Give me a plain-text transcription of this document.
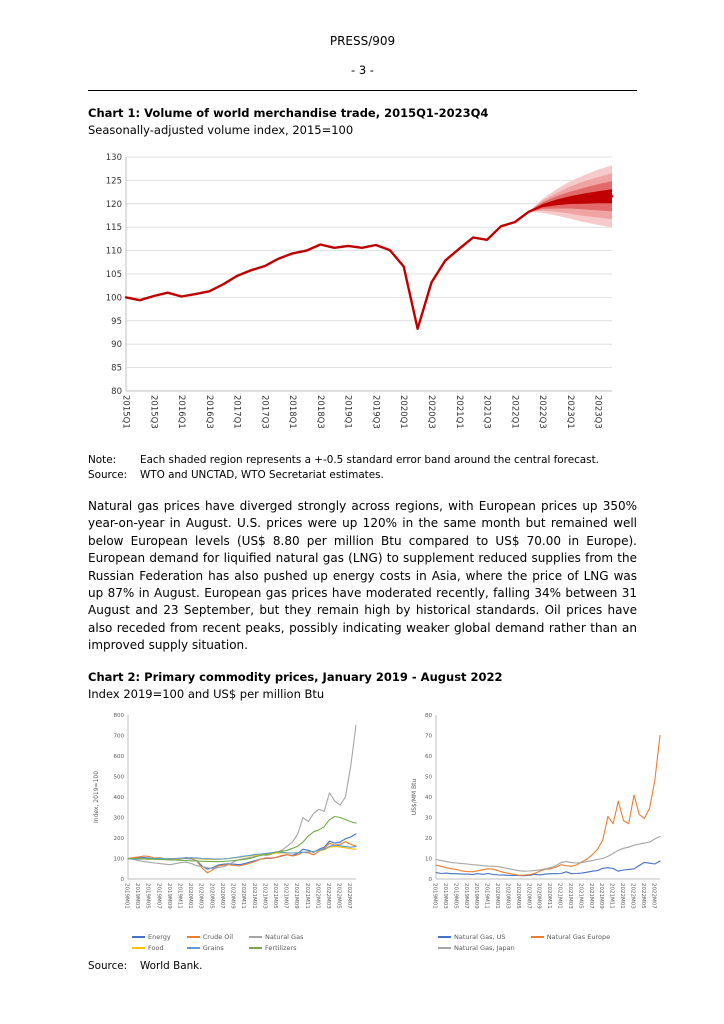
PRESS/909
- 3 -
Chart 1: Volume of world merchandise trade, 2015Q1-2023Q4
Seasonally-adjusted volume index, 2015=100
80
85
90
95
100
105
110
115
120
125
130
2015Q1 2015Q3 2016Q1 2016Q3 2017Q1 2017Q3 2018Q1 2018Q3 2019Q1 2019Q3 2020Q1 2020Q3 2021Q1 2021Q3 2022Q1 2022Q3 2023Q1 2023Q3
Note:	Each shaded region represents a +-0.5 standard error band around the central forecast.
Source:	WTO and UNCTAD, WTO Secretariat estimates.

Natural gas prices have diverged strongly across regions, with European prices up 350% year-on-year in August. U.S. prices were up 120% in the same month but remained well below European levels (US$ 8.80 per million Btu compared to US$ 70.00 in Europe). European demand for liquified natural gas (LNG) to supplement reduced supplies from the Russian Federation has also pushed up energy costs in Asia, where the price of LNG was up 87% in August. European gas prices have moderated recently, falling 34% between 31 August and 23 September, but they remain high by historical standards. Oil prices have also receded from recent peaks, possibly indicating weaker global demand rather than an improved supply situation.

Chart 2: Primary commodity prices, January 2019 - August 2022
Index 2019=100 and US$ per million Btu
0
100
200
300
400
500
600
700
800
2019M01 2019M03 2019M05 2019M07 2019M09 2019M11 2020M01 2020M03 2020M05 2020M07 2020M09 2020M11 2021M01 2021M03 2021M05 2021M07 2021M09 2021M11 2022M01 2022M03 2022M05 2022M07
Index, 2019=100
Energy	Crude Oil	Natural Gas
Food	Grains	Fertilizers
0
10
20
30
40
50
60
70
80
2019M01 2019M03 2019M05 2019M07 2019M09 2019M11 2020M01 2020M03 2020M05 2020M07 2020M09 2020M11 2021M01 2021M03 2021M05 2021M07 2021M09 2021M11 2022M01 2022M03 2022M05 2022M07
US$/MM Btu
Natural Gas, US	Natural Gas Europe
Natural Gas, Japan
Source:	World Bank.
